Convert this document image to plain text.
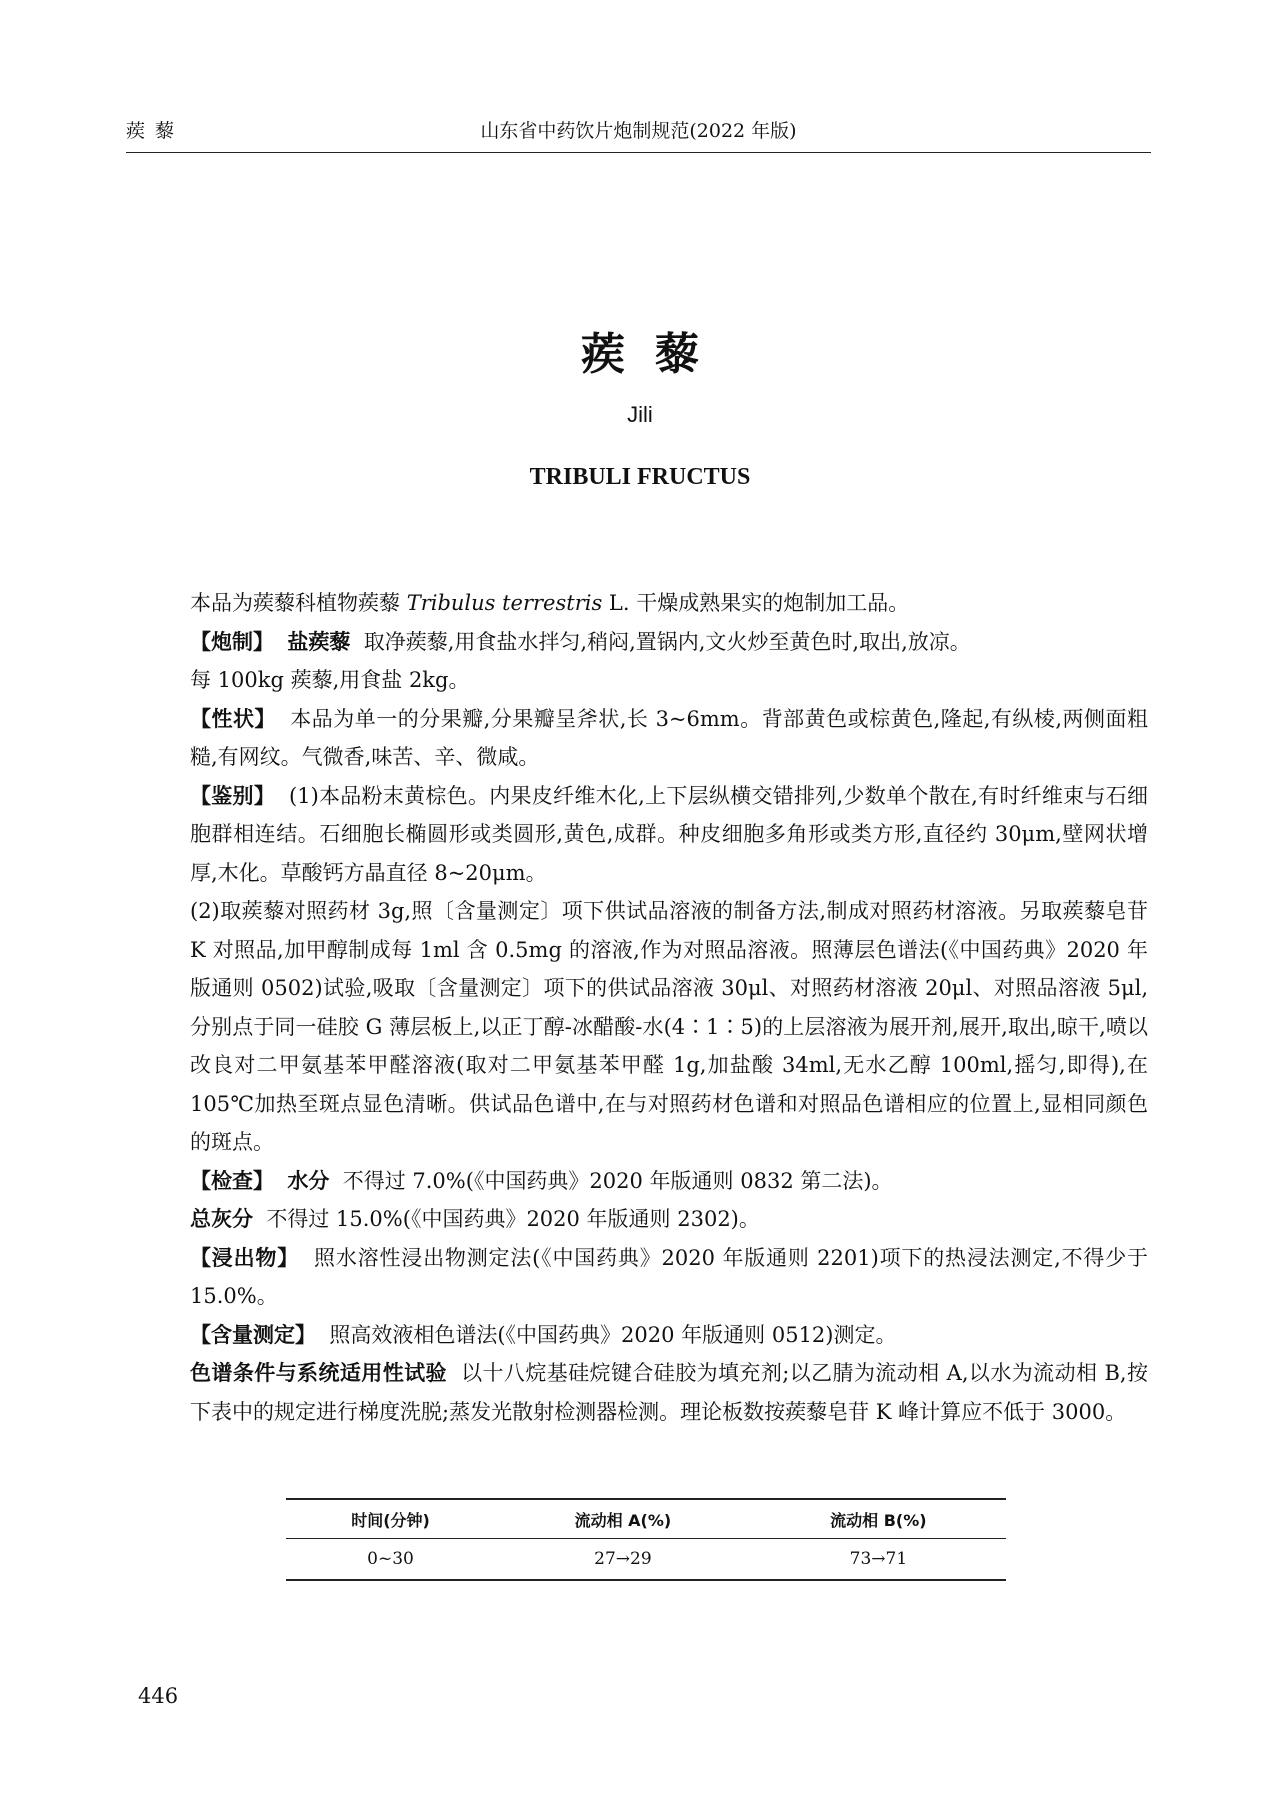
蒺藜	山东省中药饮片炮制规范(2022 年版)
蒺藜
Jili
TRIBULI FRUCTUS

本品为蒺藜科植物蒺藜 Tribulus terrestris L. 干燥成熟果实的炮制加工品。

【炮制】 盐蒺藜 取净蒺藜,用食盐水拌匀,稍闷,置锅内,文火炒至黄色时,取出,放凉。

每 100kg 蒺藜,用食盐 2kg。

【性状】 本品为单一的分果瓣,分果瓣呈斧状,长 3~6mm。背部黄色或棕黄色,隆起,有纵棱,两侧面粗糙,有网纹。气微香,味苦、辛、微咸。

【鉴别】 (1)本品粉末黄棕色。内果皮纤维木化,上下层纵横交错排列,少数单个散在,有时纤维束与石细胞群相连结。石细胞长椭圆形或类圆形,黄色,成群。种皮细胞多角形或类方形,直径约 30μm,壁网状增厚,木化。草酸钙方晶直径 8~20μm。

(2)取蒺藜对照药材 3g,照〔含量测定〕项下供试品溶液的制备方法,制成对照药材溶液。另取蒺藜皂苷 K 对照品,加甲醇制成每 1ml 含 0.5mg 的溶液,作为对照品溶液。照薄层色谱法(《中国药典》2020 年版通则 0502)试验,吸取〔含量测定〕项下的供试品溶液 30μl、对照药材溶液 20μl、对照品溶液 5μl,分别点于同一硅胶 G 薄层板上,以正丁醇-冰醋酸-水(4∶1∶5)的上层溶液为展开剂,展开,取出,晾干,喷以改良对二甲氨基苯甲醛溶液(取对二甲氨基苯甲醛 1g,加盐酸 34ml,无水乙醇 100ml,摇匀,即得),在 105℃加热至斑点显色清晰。供试品色谱中,在与对照药材色谱和对照品色谱相应的位置上,显相同颜色的斑点。

【检查】 水分 不得过 7.0%(《中国药典》2020 年版通则 0832 第二法)。

总灰分 不得过 15.0%(《中国药典》2020 年版通则 2302)。

【浸出物】 照水溶性浸出物测定法(《中国药典》2020 年版通则 2201)项下的热浸法测定,不得少于 15.0%。

【含量测定】 照高效液相色谱法(《中国药典》2020 年版通则 0512)测定。

色谱条件与系统适用性试验 以十八烷基硅烷键合硅胶为填充剂;以乙腈为流动相 A,以水为流动相 B,按下表中的规定进行梯度洗脱;蒸发光散射检测器检测。理论板数按蒺藜皂苷 K 峰计算应不低于 3000。

时间(分钟)	流动相 A(%)	流动相 B(%)
0~30	27→29	73→71
446
